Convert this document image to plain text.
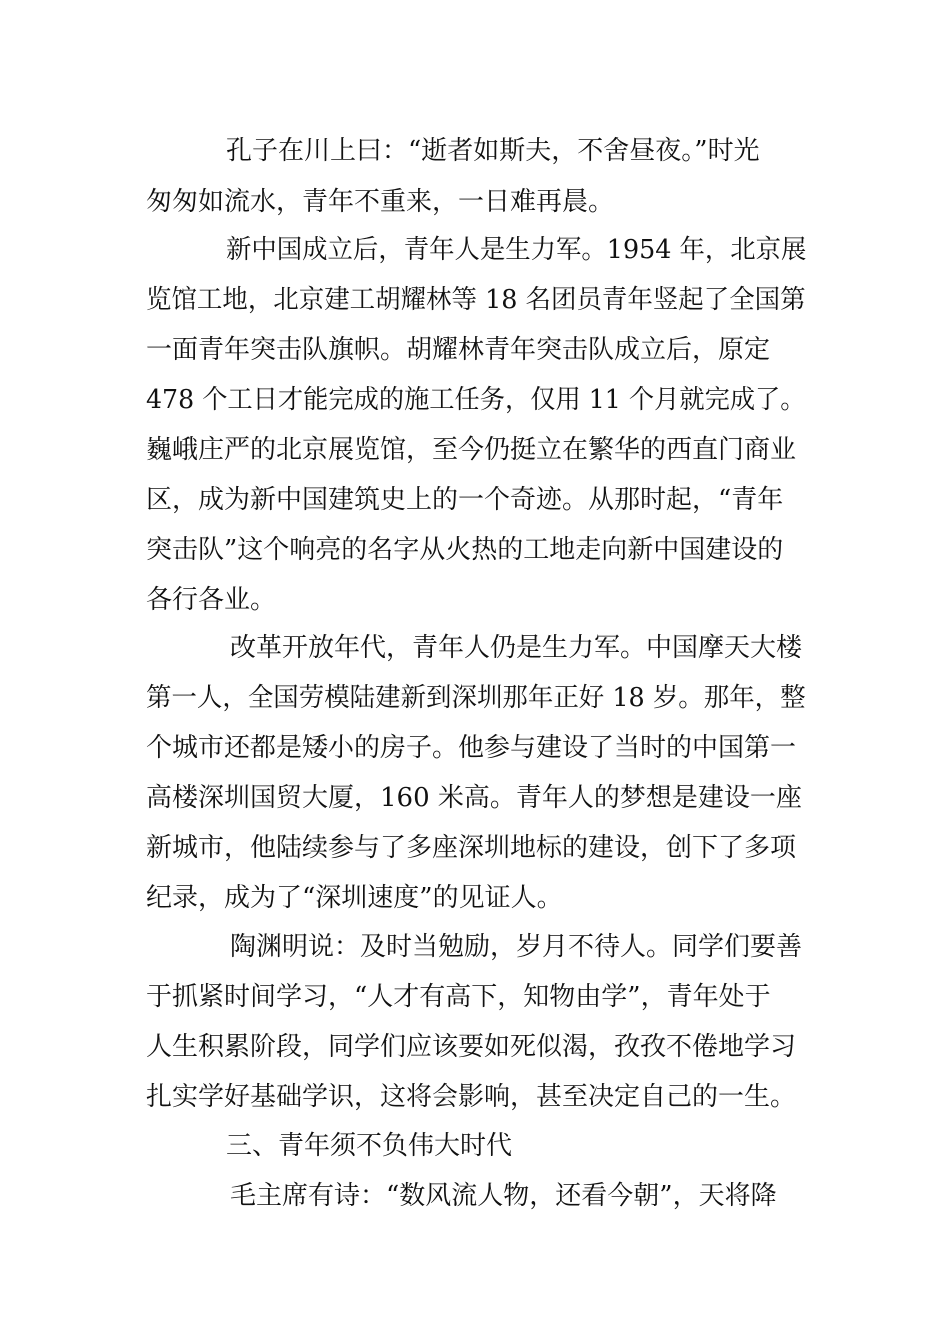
孔子在川上曰：“逝者如斯夫，不舍昼夜。”时光
匆匆如流水，青年不重来，一日难再晨。
新中国成立后，青年人是生力军。1954 年，北京展
览馆工地，北京建工胡耀林等 18 名团员青年竖起了全国第
一面青年突击队旗帜。胡耀林青年突击队成立后，原定
478 个工日才能完成的施工任务，仅用 11 个月就完成了。
巍峨庄严的北京展览馆，至今仍挺立在繁华的西直门商业
区，成为新中国建筑史上的一个奇迹。从那时起，“青年
突击队”这个响亮的名字从火热的工地走向新中国建设的
各行各业。
改革开放年代，青年人仍是生力军。中国摩天大楼
第一人，全国劳模陆建新到深圳那年正好 18 岁。那年，整
个城市还都是矮小的房子。他参与建设了当时的中国第一
高楼深圳国贸大厦，160 米高。青年人的梦想是建设一座
新城市，他陆续参与了多座深圳地标的建设，创下了多项
纪录，成为了“深圳速度”的见证人。
陶渊明说：及时当勉励，岁月不待人。同学们要善
于抓紧时间学习，“人才有高下，知物由学”，青年处于
人生积累阶段，同学们应该要如死似渴，孜孜不倦地学习
扎实学好基础学识，这将会影响，甚至决定自己的一生。
三、青年须不负伟大时代
毛主席有诗：“数风流人物，还看今朝”，天将降
